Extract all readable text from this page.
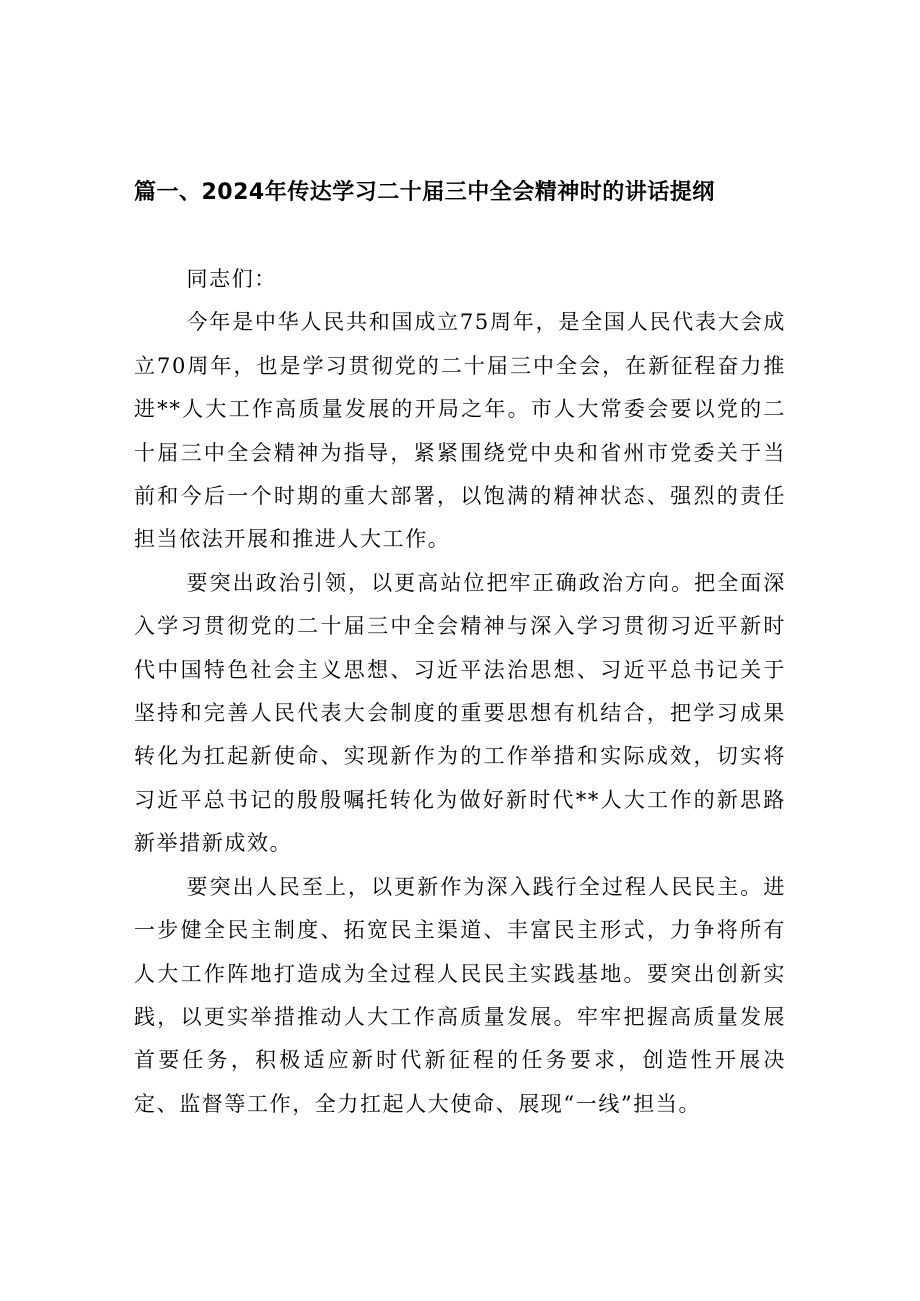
篇一、2024年传达学习二十届三中全会精神时的讲话提纲

同志们：

今年是中华人民共和国成立75周年，是全国人民代表大会成立70周年，也是学习贯彻党的二十届三中全会，在新征程奋力推进**人大工作高质量发展的开局之年。市人大常委会要以党的二十届三中全会精神为指导，紧紧围绕党中央和省州市党委关于当前和今后一个时期的重大部署，以饱满的精神状态、强烈的责任担当依法开展和推进人大工作。

要突出政治引领，以更高站位把牢正确政治方向。把全面深入学习贯彻党的二十届三中全会精神与深入学习贯彻习近平新时代中国特色社会主义思想、习近平法治思想、习近平总书记关于坚持和完善人民代表大会制度的重要思想有机结合，把学习成果转化为扛起新使命、实现新作为的工作举措和实际成效，切实将习近平总书记的殷殷嘱托转化为做好新时代**人大工作的新思路新举措新成效。

要突出人民至上，以更新作为深入践行全过程人民民主。进一步健全民主制度、拓宽民主渠道、丰富民主形式，力争将所有人大工作阵地打造成为全过程人民民主实践基地。要突出创新实践，以更实举措推动人大工作高质量发展。牢牢把握高质量发展首要任务，积极适应新时代新征程的任务要求，创造性开展决定、监督等工作，全力扛起人大使命、展现“一线”担当。
